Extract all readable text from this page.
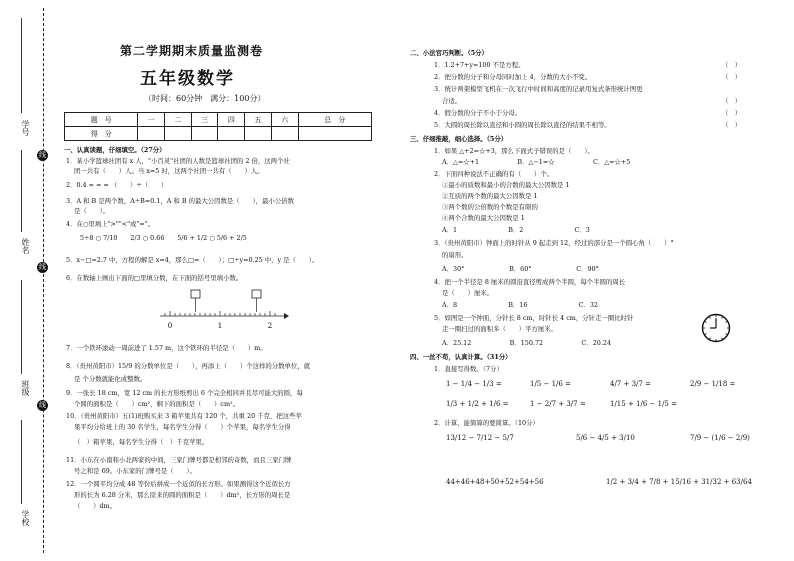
学号
姓名
班级
学校
线
线
线
第二学期期末质量监测卷
五年级数学
（时间：60分钟　满分：100分）
题　号	一	二	三	四	五	六	总　分
得　分							
一、认真读题，仔细填空。（27分）
1．某小学篮球社团有 x 人，"小百灵"社团的人数是篮球社团的 2 倍，这两个社
团一共有（　　）人。当 x=5 时，这两个社团一共有（　　）人。
2．0.4 = = = （　　）÷（　　）
3．A 和 B 是两个数，A÷B=0.1，A 和 B 的最大公因数是（　　），最小公倍数
是（　　）。
4．在○里填上">""<"或"="。
5÷8 ○ 7/10　　2/3 ○ 0.66　　5/6 + 1/2 ○ 5/6 + 2/5
5．x−□=2.7 中，方程的解是 x=4，那么□=（　　）；□÷y=0.25 中，y 是（　　）。
6．在数轴上画出下面的□里填分数，在下面的括号里填小数。
0	1	2
7．一个铁环滚动一周前进了 1.57 m，这个铁环的半径是（　　）m。
8．（贵州黄阳市）15/9 的分数单位是（　　），再添上（　　）个这样的分数单位，就
是 个分数就能化成整数。
9．一张长 18 cm，宽 12 cm 的长方形纸剪出 6 个完全相同并且尽可能大的圆，每
个圆的面积是（　　）cm²，剩下的面积是（　　）cm²。
10．（贵州黄阳市）五(1)班购买来 3 箱苹果共有 120 个，共重 20 千克，把这些苹
果平均分给班上的 30 名学生，每名学生分得（　　）个苹果，每名学生分得
（　）箱苹果，每名学生分得（　）千克苹果。
11．小东在小南和小北两家的中间，三家门牌号都是相邻的奇数，而且三家门牌
号之和是 69。小东家的门牌号是（　　）。
12．一个圆平均分成 48 等份后拼成一个近似的长方形。如果测得这个近似长方
形的长为 6.28 分米，那么原来的圆的面积是（　　）dm²，长方形的周长是
（　　）dm。
二、小法官巧判断。（5分）
1．1.2+7+y=100 不是方程。
2．把分数的分子和分母同时加上 4，分数的大小不变。
3．统计两架模型飞机在一次飞行中时间和高度的记录用复式条形统计图更
合适。
4．假分数的分子不小于分母。
5．大圆的周长除以直径和小圆的周长除以直径的结果不相等。
（　）
（　）
（　）
（　）
（　）
三、仔细推敲，细心选择。（5分）
1．如果 △+2=☆+3，那么下面式子错误的是（　　）。
A．△=☆+1　　　　　　B．△−1=☆　　　　　　C．△=☆+5
2．下面四种说法不正确的有（　　）个。
①最小的质数和最小的合数的最大公因数是 1
②互质的两个数的最大公因数是 1
③两个数的公倍数的个数是有限的
④两个合数的最大公因数是 1
A．1　　　　　　　　B．2　　　　　　　　C．3
3．（贵州黄阳市）钟面上的时针从 9 起走到 12，经过的部分是一个圆心角（　　）°
的扇形。
A．30°　　　　　　　B．60°　　　　　　　C．90°
4．把一个半径是 8 厘米的圆沿直径剪成两个半圆，每个半圆的周长
是（　　）厘米。
A．8　　　　　　　　B．16　　　　　　　　C．32
5．如图是一个钟面，分针长 8 cm，时针长 4 cm，分针走一圈比时针
走一圈扫过的面积多（　　）平方厘米。
A．25.12　　　　　　B．150.72　　　　　　C．20.24
四、一丝不苟，认真计算。（31分）
1．直接写得数。（7分）
1 − 1/4 − 1/3 =	1/5 − 1/6 =	4/7 + 3/7 =	2/9 − 1/18 =
1/3 + 1/2 + 1/6 =	1 − 2/7 + 3/7 =	1/15 + 1/6 − 1/5 =
2．计算，能简算的要简算。（10分）
13/12 − 7/12 − 5/7	5/6 − 4/5 + 3/10	7/9 − (1/6 − 2/9)
44+46+48+50+52+54+56	1/2 + 3/4 + 7/8 + 15/16 + 31/32 + 63/64
